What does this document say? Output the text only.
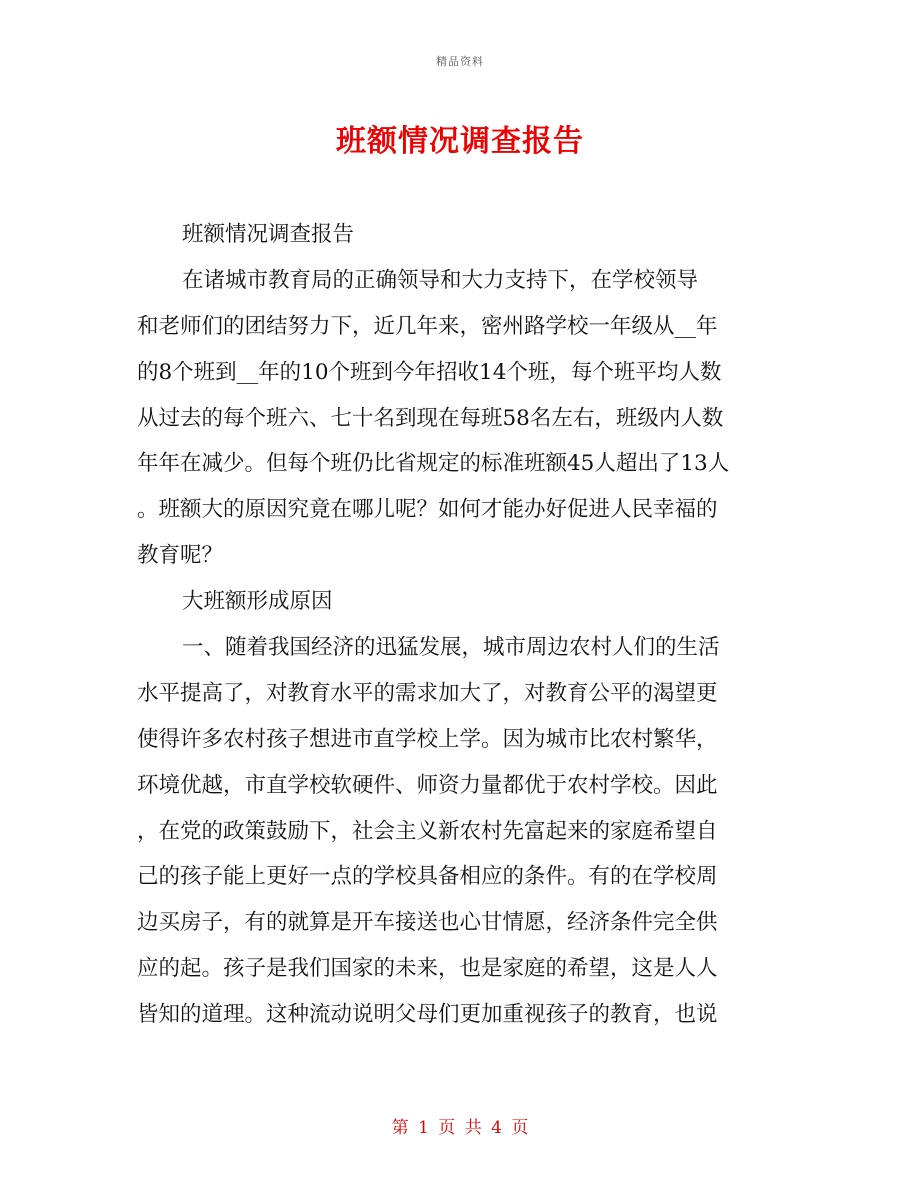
精品资料
班额情况调查报告
班额情况调查报告
在诸城市教育局的正确领导和大力支持下，在学校领导
和老师们的团结努力下，近几年来，密州路学校一年级从__年
的8个班到__年的10个班到今年招收14个班，每个班平均人数
从过去的每个班六、七十名到现在每班58名左右，班级内人数
年年在减少。但每个班仍比省规定的标准班额45人超出了13人
。班额大的原因究竟在哪儿呢？如何才能办好促进人民幸福的
教育呢？
大班额形成原因
一、随着我国经济的迅猛发展，城市周边农村人们的生活
水平提高了，对教育水平的需求加大了，对教育公平的渴望更
使得许多农村孩子想进市直学校上学。因为城市比农村繁华，
环境优越，市直学校软硬件、师资力量都优于农村学校。因此
，在党的政策鼓励下，社会主义新农村先富起来的家庭希望自
己的孩子能上更好一点的学校具备相应的条件。有的在学校周
边买房子，有的就算是开车接送也心甘情愿，经济条件完全供
应的起。孩子是我们国家的未来，也是家庭的希望，这是人人
皆知的道理。这种流动说明父母们更加重视孩子的教育，也说
第 1 页 共 4 页
